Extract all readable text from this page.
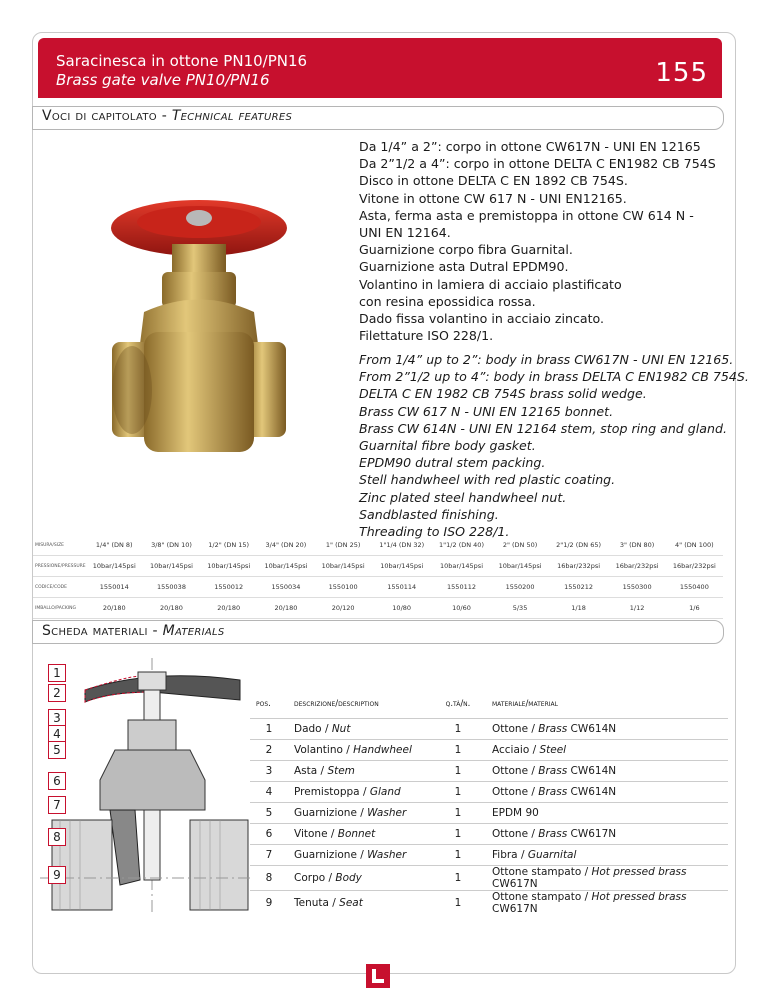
Saracinesca in ottone PN10/PN16
Brass gate valve PN10/PN16	155
Voci di capitolato - Technical features
Da 1/4” a 2”: corpo in ottone CW617N - UNI EN 12165
Da 2”1/2 a 4”: corpo in ottone DELTA C EN1982 CB 754S
Disco in ottone DELTA C EN 1892 CB 754S.
Vitone in ottone CW 617 N - UNI EN12165.
Asta, ferma asta e premistoppa in ottone CW 614 N -
UNI EN 12164.
Guarnizione corpo fibra Guarnital.
Guarnizione asta Dutral EPDM90.
Volantino in lamiera di acciaio plastificato
con resina epossidica rossa.
Dado fissa volantino in acciaio zincato.
Filettature ISO 228/1.
From 1/4” up to 2”: body in brass CW617N - UNI EN 12165.
From 2”1/2 up to 4”: body in brass DELTA C EN1982 CB 754S.
DELTA C EN 1982 CB 754S brass solid wedge.
Brass CW 617 N - UNI EN 12165 bonnet.
Brass CW 614N - UNI EN 12164 stem, stop ring and gland.
Guarnital fibre body gasket.
EPDM90 dutral stem packing.
Stell handwheel with red plastic coating.
Zinc plated steel handwheel nut.
Sandblasted finishing.
Threading to ISO 228/1.
MISURA/SIZE	1/4" (DN 8)	3/8" (DN 10)	1/2" (DN 15)	3/4" (DN 20)	1" (DN 25)	1"1/4 (DN 32)	1"1/2 (DN 40)	2" (DN 50)	2"1/2 (DN 65)	3" (DN 80)	4" (DN 100)
PRESSIONE/PRESSURE	10bar/145psi	10bar/145psi	10bar/145psi	10bar/145psi	10bar/145psi	10bar/145psi	10bar/145psi	10bar/145psi	16bar/232psi	16bar/232psi	16bar/232psi
CODICE/CODE	1550014	1550038	1550012	1550034	1550100	1550114	1550112	1550200	1550212	1550300	1550400
IMBALLO/PACKING	20/180	20/180	20/180	20/180	20/120	10/80	10/60	5/35	1/18	1/12	1/6
Scheda materiali - Materials
1
2
3
4
5
6
7
8
9
pos.	descrizione/description	q.tà/n.	materiale/material
1	Dado / Nut	1	Ottone / Brass CW614N
2	Volantino / Handwheel	1	Acciaio / Steel
3	Asta / Stem	1	Ottone / Brass CW614N
4	Premistoppa / Gland	1	Ottone / Brass CW614N
5	Guarnizione / Washer	1	EPDM 90
6	Vitone / Bonnet	1	Ottone / Brass CW617N
7	Guarnizione / Washer	1	Fibra / Guarnital
8	Corpo / Body	1	Ottone stampato / Hot pressed brass CW617N
9	Tenuta / Seat	1	Ottone stampato / Hot pressed brass CW617N
